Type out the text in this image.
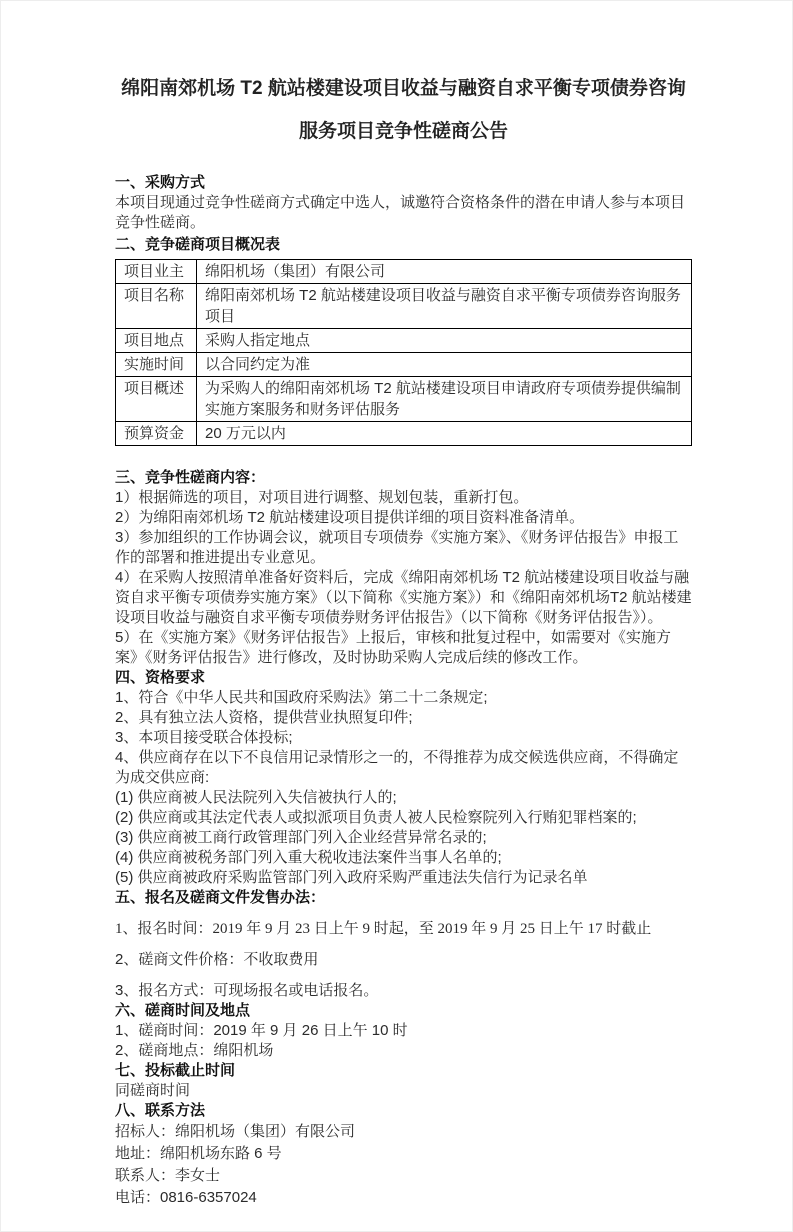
绵阳南郊机场 T2 航站楼建设项目收益与融资自求平衡专项债券咨询
服务项目竞争性磋商公告
一、采购方式
本项目现通过竞争性磋商方式确定中选人，诚邀符合资格条件的潜在申请人参与本项目竞争性磋商。
二、竞争磋商项目概况表
项目业主	绵阳机场（集团）有限公司
项目名称	绵阳南郊机场 T2 航站楼建设项目收益与融资自求平衡专项债券咨询服务项目
项目地点	采购人指定地点
实施时间	以合同约定为准
项目概述	为采购人的绵阳南郊机场 T2 航站楼建设项目申请政府专项债券提供编制实施方案服务和财务评估服务
预算资金	20 万元以内
三、竞争性磋商内容：
1）根据筛选的项目，对项目进行调整、规划包装，重新打包。
2）为绵阳南郊机场 T2 航站楼建设项目提供详细的项目资料准备清单。
3）参加组织的工作协调会议，就项目专项债券《实施方案》、《财务评估报告》申报工作的部署和推进提出专业意见。
4）在采购人按照清单准备好资料后，完成《绵阳南郊机场 T2 航站楼建设项目收益与融资自求平衡专项债券实施方案》（以下简称《实施方案》）和《绵阳南郊机场T2 航站楼建设项目收益与融资自求平衡专项债券财务评估报告》（以下简称《财务评估报告》）。
5）在《实施方案》《财务评估报告》上报后，审核和批复过程中，如需要对《实施方案》《财务评估报告》进行修改，及时协助采购人完成后续的修改工作。
四、资格要求
1、符合《中华人民共和国政府采购法》第二十二条规定;
2、具有独立法人资格，提供营业执照复印件;
3、本项目接受联合体投标;
4、供应商存在以下不良信用记录情形之一的，不得推荐为成交候选供应商，不得确定为成交供应商:
(1) 供应商被人民法院列入失信被执行人的;
(2) 供应商或其法定代表人或拟派项目负责人被人民检察院列入行贿犯罪档案的;
(3) 供应商被工商行政管理部门列入企业经营异常名录的;
(4) 供应商被税务部门列入重大税收违法案件当事人名单的;
(5) 供应商被政府采购监管部门列入政府采购严重违法失信行为记录名单
五、报名及磋商文件发售办法：
1、报名时间：2019 年 9 月 23 日上午 9 时起，至 2019 年 9 月 25 日上午 17 时截止
2、磋商文件价格：不收取费用
3、报名方式：可现场报名或电话报名。
六、磋商时间及地点
1、磋商时间：2019 年 9 月 26 日上午 10 时
2、磋商地点：绵阳机场
七、投标截止时间
同磋商时间
八、联系方法
招标人：绵阳机场（集团）有限公司
地址：绵阳机场东路 6 号
联系人：李女士
电话：0816-6357024
